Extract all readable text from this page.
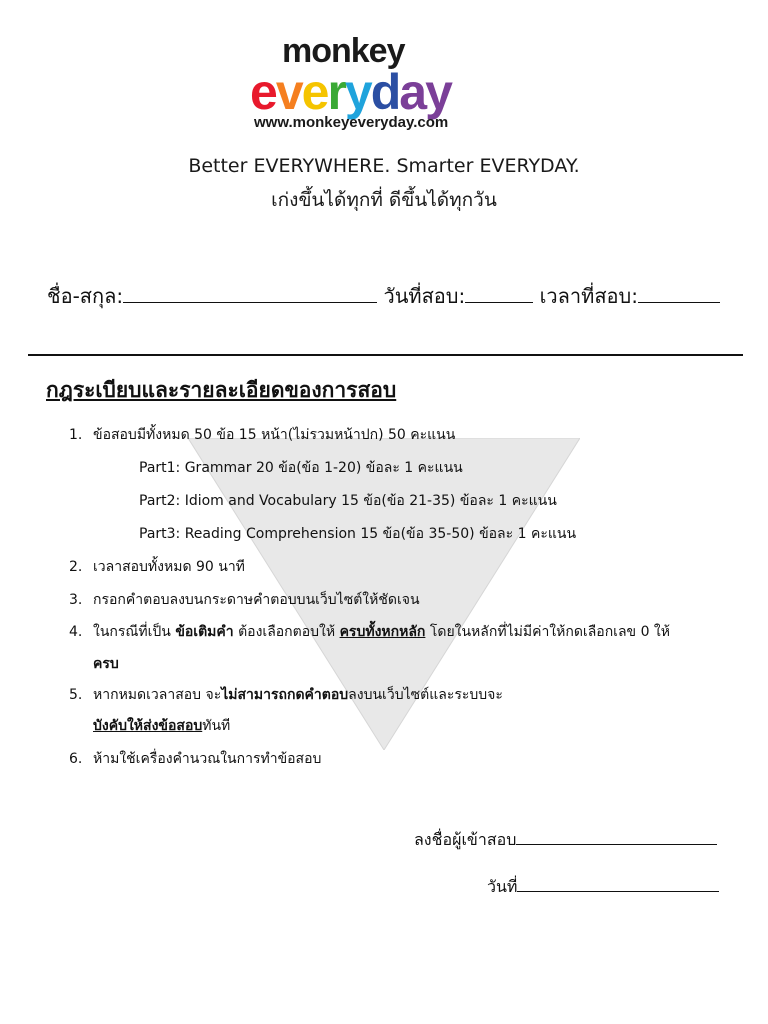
monkey
everyday
www.monkeyeveryday.com
Better EVERYWHERE. Smarter EVERYDAY.
เก่งขึ้นได้ทุกที่ ดีขึ้นได้ทุกวัน
ชื่อ-สกุล:	วันที่สอบ:	เวลาที่สอบ:
กฎระเบียบและรายละเอียดของการสอบ
1. ข้อสอบมีทั้งหมด 50 ข้อ 15 หน้า(ไม่รวมหน้าปก) 50 คะแนน
Part1: Grammar 20 ข้อ(ข้อ 1-20) ข้อละ 1 คะแนน
Part2: Idiom and Vocabulary 15 ข้อ(ข้อ 21-35) ข้อละ 1 คะแนน
Part3: Reading Comprehension 15 ข้อ(ข้อ 35-50) ข้อละ 1 คะแนน
2. เวลาสอบทั้งหมด 90 นาที
3. กรอกคำตอบลงบนกระดาษคำตอบบนเว็บไซต์ให้ชัดเจน
4. ในกรณีที่เป็น ข้อเติมคำ ต้องเลือกตอบให้ ครบทั้งหกหลัก โดยในหลักที่ไม่มีค่าให้กดเลือกเลข 0 ให้
ครบ
5. หากหมดเวลาสอบ จะไม่สามารถกดคำตอบลงบนเว็บไซต์และระบบจะ
บังคับให้ส่งข้อสอบทันที
6. ห้ามใช้เครื่องคำนวณในการทำข้อสอบ
ลงชื่อผู้เข้าสอบ
วันที่
